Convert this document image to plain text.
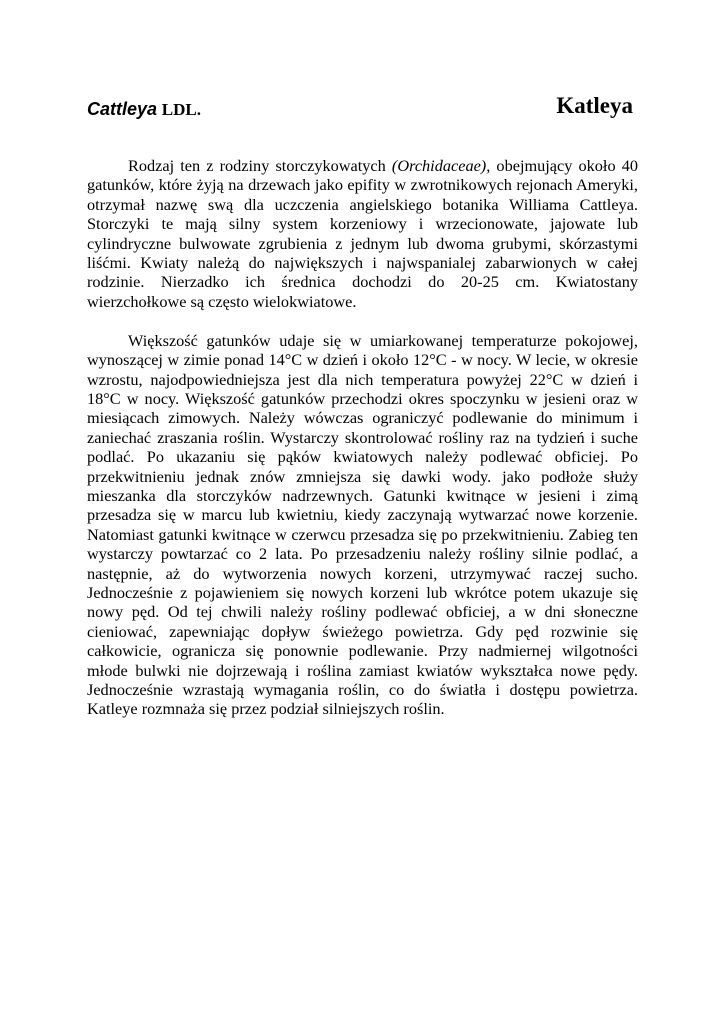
Cattleya LDL.	Katleya

Rodzaj ten z rodziny storczykowatych (Orchidaceae), obejmujący około 40 gatunków, które żyją na drzewach jako epifity w zwrotnikowych rejonach Ameryki, otrzymał nazwę swą dla uczczenia angielskiego botanika Williama Cattleya. Storczyki te mają silny system korzeniowy i wrzecionowate, jajowate lub cylindryczne bulwowate zgrubienia z jednym lub dwoma grubymi, skórzastymi liśćmi. Kwiaty należą do największych i najwspanialej zabarwionych w całej rodzinie. Nierzadko ich średnica dochodzi do 20-25 cm. Kwiatostany wierzchołkowe są często wielokwiatowe.

Większość gatunków udaje się w umiarkowanej temperaturze pokojowej, wynoszącej w zimie ponad 14°C w dzień i około 12°C - w nocy. W lecie, w okresie wzrostu, najodpowiedniejsza jest dla nich temperatura powyżej 22°C w dzień i 18°C w nocy. Większość gatunków przechodzi okres spoczynku w jesieni oraz w miesiącach zimowych. Należy wówczas ograniczyć podlewanie do minimum i zaniechać zraszania roślin. Wystarczy skontrolować rośliny raz na tydzień i suche podlać. Po ukazaniu się pąków kwiatowych należy podlewać obficiej. Po przekwitnieniu jednak znów zmniejsza się dawki wody. jako podłoże służy mieszanka dla storczyków nadrzewnych. Gatunki kwitnące w jesieni i zimą przesadza się w marcu lub kwietniu, kiedy zaczynają wytwarzać nowe korzenie. Natomiast gatunki kwitnące w czerwcu przesadza się po przekwitnieniu. Zabieg ten wystarczy powtarzać co 2 lata. Po przesadzeniu należy rośliny silnie podlać, a następnie, aż do wytworzenia nowych korzeni, utrzymywać raczej sucho. Jednocześnie z pojawieniem się nowych korzeni lub wkrótce potem ukazuje się nowy pęd. Od tej chwili należy rośliny podlewać obficiej, a w dni słoneczne cieniować, zapewniając dopływ świeżego powietrza. Gdy pęd rozwinie się całkowicie, ogranicza się ponownie podlewanie. Przy nadmiernej wilgotności młode bulwki nie dojrzewają i roślina zamiast kwiatów wykształca nowe pędy. Jednocześnie wzrastają wymagania roślin, co do światła i dostępu powietrza. Katleye rozmnaża się przez podział silniejszych roślin.
